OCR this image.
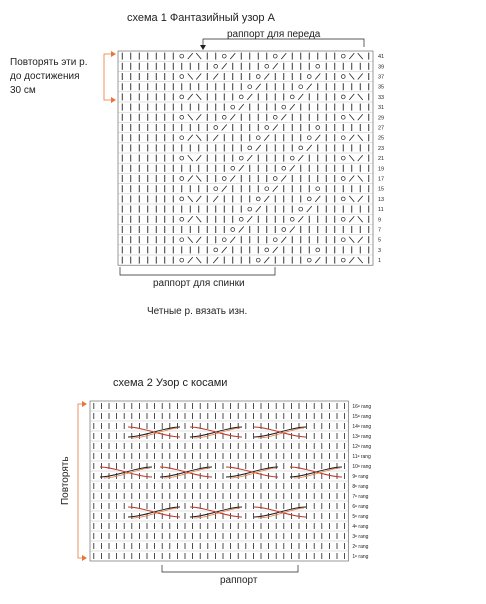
схема 1 Фантазийный узор А
раппорт для переда
Повторять эти р.
до достижения
30 см
раппорт для спинки
Четные р. вязать изн.
схема 2 Узор с косами
Повторять
раппорт
41
39
37
35
33
31
29
27
25
23
21
19
17
15
13
11
9
7
5
3
1
16ᵉ rang
15ᵉ rang
14ᵉ rang
13ᵉ rang
12ᵉ rang
11ᵉ rang
10ᵉ rang
9ᵉ rang
8ᵉ rang
7ᵉ rang
6ᵉ rang
5ᵉ rang
4ᵉ rang
3ᵉ rang
2ᵉ rang
1ᵉ rang
